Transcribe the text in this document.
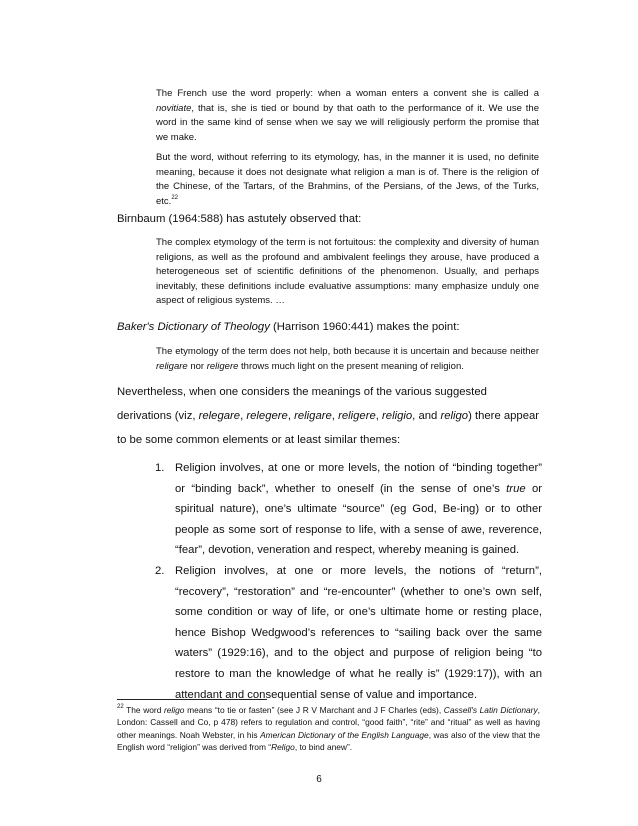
The French use the word properly: when a woman enters a convent she is called a novitiate, that is, she is tied or bound by that oath to the performance of it. We use the word in the same kind of sense when we say we will religiously perform the promise that we make.

But the word, without referring to its etymology, has, in the manner it is used, no definite meaning, because it does not designate what religion a man is of. There is the religion of the Chinese, of the Tartars, of the Brahmins, of the Persians, of the Jews, of the Turks, etc.$^{22}$

Birnbaum (1964:588) has astutely observed that:

The complex etymology of the term is not fortuitous: the complexity and diversity of human religions, as well as the profound and ambivalent feelings they arouse, have produced a heterogeneous set of scientific definitions of the phenomenon. Usually, and perhaps inevitably, these definitions include evaluative assumptions: many emphasize unduly one aspect of religious systems. …

Baker's Dictionary of Theology (Harrison 1960:441) makes the point:

The etymology of the term does not help, both because it is uncertain and because neither religare nor religere throws much light on the present meaning of religion.

Nevertheless, when one considers the meanings of the various suggested derivations (viz, relegare, relegere, religare, religere, religio, and religo) there appear to be some common elements or at least similar themes:

1. Religion involves, at one or more levels, the notion of “binding together” or “binding back”, whether to oneself (in the sense of one’s true or spiritual nature), one’s ultimate “source” (eg God, Be-ing) or to other people as some sort of response to life, with a sense of awe, reverence, “fear”, devotion, veneration and respect, whereby meaning is gained.
2. Religion involves, at one or more levels, the notions of “return”, “recovery”, “restoration” and “re-encounter” (whether to one’s own self, some condition or way of life, or one’s ultimate home or resting place, hence Bishop Wedgwood’s references to “sailing back over the same waters” (1929:16), and to the object and purpose of religion being “to restore to man the knowledge of what he really is” (1929:17)), with an attendant and consequential sense of value and importance.

$^{22}$ The word religo means “to tie or fasten” (see J R V Marchant and J F Charles (eds), Cassell's Latin Dictionary, London: Cassell and Co, p 478) refers to regulation and control, “good faith”, “rite” and “ritual” as well as having other meanings. Noah Webster, in his American Dictionary of the English Language, was also of the view that the English word “religion” was derived from “Religo, to bind anew”.

6
